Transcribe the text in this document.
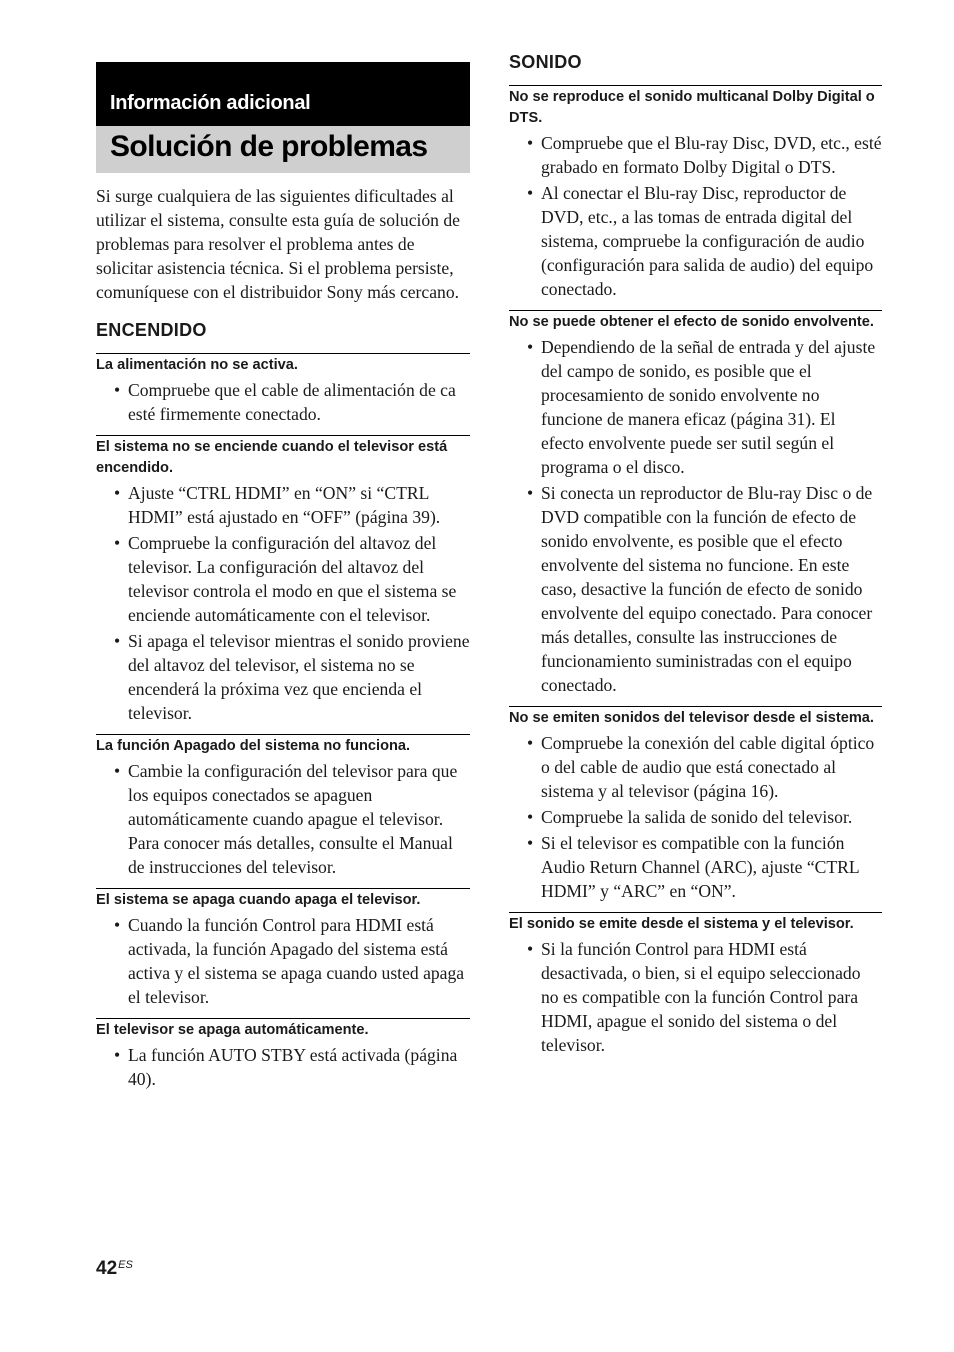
Información adicional
Solución de problemas

Si surge cualquiera de las siguientes dificultades al utilizar el sistema, consulte esta guía de solución de problemas para resolver el problema antes de solicitar asistencia técnica. Si el problema persiste, comuníquese con el distribuidor Sony más cercano.

ENCENDIDO

La alimentación no se activa.

• Compruebe que el cable de alimentación de ca esté firmemente conectado.

El sistema no se enciende cuando el televisor está encendido.

• Ajuste “CTRL HDMI” en “ON” si “CTRL HDMI” está ajustado en “OFF” (página 39).
• Compruebe la configuración del altavoz del televisor. La configuración del altavoz del televisor controla el modo en que el sistema se enciende automáticamente con el televisor.
• Si apaga el televisor mientras el sonido proviene del altavoz del televisor, el sistema no se encenderá la próxima vez que encienda el televisor.

La función Apagado del sistema no funciona.

• Cambie la configuración del televisor para que los equipos conectados se apaguen automáticamente cuando apague el televisor. Para conocer más detalles, consulte el Manual de instrucciones del televisor.

El sistema se apaga cuando apaga el televisor.

• Cuando la función Control para HDMI está activada, la función Apagado del sistema está activa y el sistema se apaga cuando usted apaga el televisor.

El televisor se apaga automáticamente.

• La función AUTO STBY está activada (página 40).
SONIDO

No se reproduce el sonido multicanal Dolby Digital o DTS.

• Compruebe que el Blu-ray Disc, DVD, etc., esté grabado en formato Dolby Digital o DTS.
• Al conectar el Blu-ray Disc, reproductor de DVD, etc., a las tomas de entrada digital del sistema, compruebe la configuración de audio (configuración para salida de audio) del equipo conectado.

No se puede obtener el efecto de sonido envolvente.

• Dependiendo de la señal de entrada y del ajuste del campo de sonido, es posible que el procesamiento de sonido envolvente no funcione de manera eficaz (página 31). El efecto envolvente puede ser sutil según el programa o el disco.
• Si conecta un reproductor de Blu-ray Disc o de DVD compatible con la función de efecto de sonido envolvente, es posible que el efecto envolvente del sistema no funcione. En este caso, desactive la función de efecto de sonido envolvente del equipo conectado. Para conocer más detalles, consulte las instrucciones de funcionamiento suministradas con el equipo conectado.

No se emiten sonidos del televisor desde el sistema.

• Compruebe la conexión del cable digital óptico o del cable de audio que está conectado al sistema y al televisor (página 16).
• Compruebe la salida de sonido del televisor.
• Si el televisor es compatible con la función Audio Return Channel (ARC), ajuste “CTRL HDMI” y “ARC” en “ON”.

El sonido se emite desde el sistema y el televisor.

• Si la función Control para HDMI está desactivada, o bien, si el equipo seleccionado no es compatible con la función Control para HDMI, apague el sonido del sistema o del televisor.
$42^{ES}$
